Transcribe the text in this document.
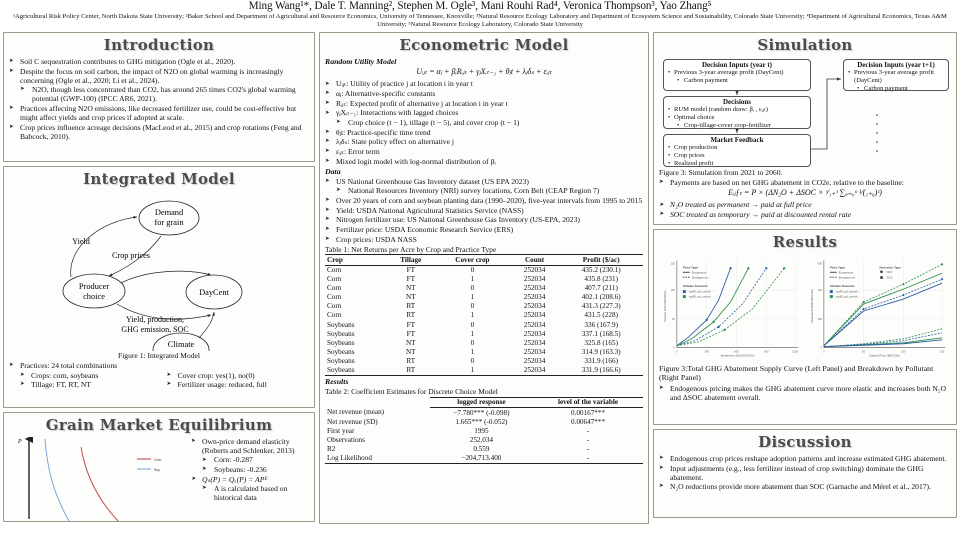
Ming Wang¹*, Dale T. Manning², Stephen M. Ogle³, Mani Rouhi Rad⁴, Veronica Thompson³, Yao Zhang⁵
¹Agricultural Risk Policy Center, North Dakota State University; ²Baker School and Department of Agricultural and Resource Economics, University of Tennessee, Knoxville; ³Natural Resource Ecology Laboratory and Department of Ecosystem Science and Sustainability, Colorado State University; ⁴Department of Agricultural Economics, Texas A&M University; ⁵Natural Resource Ecology Laboratory, Colorado State University
Introduction
➤ Soil C sequestration contributes to GHG mitigation (Ogle et al., 2020).
➤ Despite the focus on soil carbon, the impact of N2O on global warming is increasingly concerning (Ogle et al., 2020; Li et al., 2024).
➤ N2O, though less concentrated than CO2, has around 265 times CO2's global warming potential (GWP-100) (IPCC AR6, 2021).
➤ Practices affecting N2O emissions, like decreased fertilizer use, could be cost-effective but might affect yields and crop prices if adopted at scale.
➤ Crop prices influence acreage decisions (MacLeod et al., 2015) and crop rotations (Feng and Babcock, 2010).
Integrated Model
Demand
for grain
Producer
choice	DayCent
Climate
Yield
Crop prices
Yield, production,
GHG emission, SOC
Figure 1: Integrated Model
➤ Practices: 24 total combinations
➤ Crops: corn, soybeans
➤ Tillage: FT, RT, NT
➤ Cover crop: yes(1), no(0)
➤ Fertilizer usage: reduced, full
Grain Market Equilibrium
P
Corn
Soy
➤ Own-price demand elasticity (Roberts and Schlenker, 2013)
➤ Corn: -0.287
➤ Soybeans: -0.236
➤ Qₛ(P) = Qₓ(P) = APᴱ
➤ A is calculated based on historical data
Econometric Model
Random Utility Model
Uᵢⱼₜ = αⱼ + βᵢRᵢⱼₜ + γⱼXᵢₜ₋₁ + θⱼt + λⱼδₛ + εᵢⱼₜ
➤ Uᵢⱼₜ: Utility of practice j at location i in year t
➤ αⱼ: Alternative-specific constants
➤ Rᵢⱼₜ: Expected profit of alternative j at location i in year t
➤ γⱼXᵢₜ₋₁: Interactions with lagged choices
➤ Crop choice (t − 1), tillage (t − 5), and cover crop (t − 1)
➤ θⱼt: Practice-specific time trend
➤ λⱼδₛ: State policy effect on alternative j
➤ εᵢⱼₜ: Error term
➤ Mixed logit model with log-normal distribution of βᵢ
Data
➤ US National Greenhouse Gas Inventory dataset (US EPA 2023)
➤ National Resources Inventory (NRI) survey locations, Corn Belt (CEAP Region 7)
➤ Over 20 years of corn and soybean planting data (1990–2020), five-year intervals from 1995 to 2015
➤ Yield: USDA National Agricultural Statistics Service (NASS)
➤ Nitrogen fertilizer use: US National Greenhouse Gas Inventory (US-EPA, 2023)
➤ Fertilizer price: USDA Economic Research Service (ERS)
➤ Crop prices: USDA NASS
Table 1: Net Returns per Acre by Crop and Practice Type
Crop	Tillage	Cover crop	Count	Profit ($/ac)
Corn	FT	0	252034	435.2 (230.1)
Corn	FT	1	252034	435.8 (231)
Corn	NT	0	252034	407.7 (211)
Corn	NT	1	252034	402.1 (208.6)
Corn	RT	0	252034	431.3 (227.3)
Corn	RT	1	252034	431.5 (228)
Soybeans	FT	0	252034	336 (167.9)
Soybeans	FT	1	252034	337.1 (168.5)
Soybeans	NT	0	252034	325.8 (165)
Soybeans	NT	1	252034	314.9 (163.3)
Soybeans	RT	0	252034	331.9 (166)
Soybeans	RT	1	252034	331.9 (166.6)
Results
Table 2: Coefficient Estimates for Discrete Choice Model
	logged response	level of the variable
Net revenue (mean)	−7.780*** (-0.098)	0.00167***
Net revenue (SD)	1.665*** (-0.052)	0.00647***
First year	1995	-
Observations	252,034	-
R2	0.559	-
Log Likelihood	−204,713.400	-
Simulation
Decision Inputs (year t)
• Previous 3-year average profit (DayCent)
• Carbon payment
Decisions
• RUM model (random draw: βᵢ , εᵢⱼₜ)
• Optimal choice
• Crop-tillage-cover crop-fertilizer
Market Feedback
• Crop production
• Crop prices
• Realized profit
Decision Inputs (year t+1)
• Previous 3-year average profit (DayCent)
• Carbon payment
Figure 3: Simulation from 2021 to 2060.
➤ Payments are based on net GHG abatement in CO2e, relative to the baseline:
Eᵢⱼƒₜ = P × (ΔN₂O + ΔSOC × ᶟ⁄₁₊ᶟ ∑ᵩ₌₀ᵒ ¹⁄(₁₊ᵨ)ᶻ)
➤ N₂O treated as permanent → paid at full price
➤ SOC treated as temporary → paid at discounted rental rate
Results
Price Type
Exogenous
Endogenous
Climate Scenario
rcp45_pd_use/ch
rcp85_pd_use/ch
Abatement (000 MtCO2e)
Carbon Price ($/tCO2e)
0	300	600	900	1200
0
50
100
150
Price Type
Exogenous
Endogenous
Emission Type
N2O
SOC
Climate Scenario
rcp45_pd_use/ch
rcp85_pd_use/ch
Carbon Price ($/tCO2e)
Abatement (000 MtCO2e)
0	50	100	150
0
200
400
600
Figure 3:Total GHG Abatement Supply Curve (Left Panel) and Breakdown by Pollutant (Right Panel)
➤ Endogenous pricing makes the GHG abatement curve more elastic and increases both N₂O and ΔSOC abatement overall.
Discussion
➤ Endogenous crop prices reshape adoption patterns and increase estimated GHG abatement.
➤ Input adjustments (e.g., less fertilizer instead of crop switching) dominate the GHG abatement.
➤ N₂O reductions provide more abatement than SOC (Garnache and Mérel et al., 2017).
